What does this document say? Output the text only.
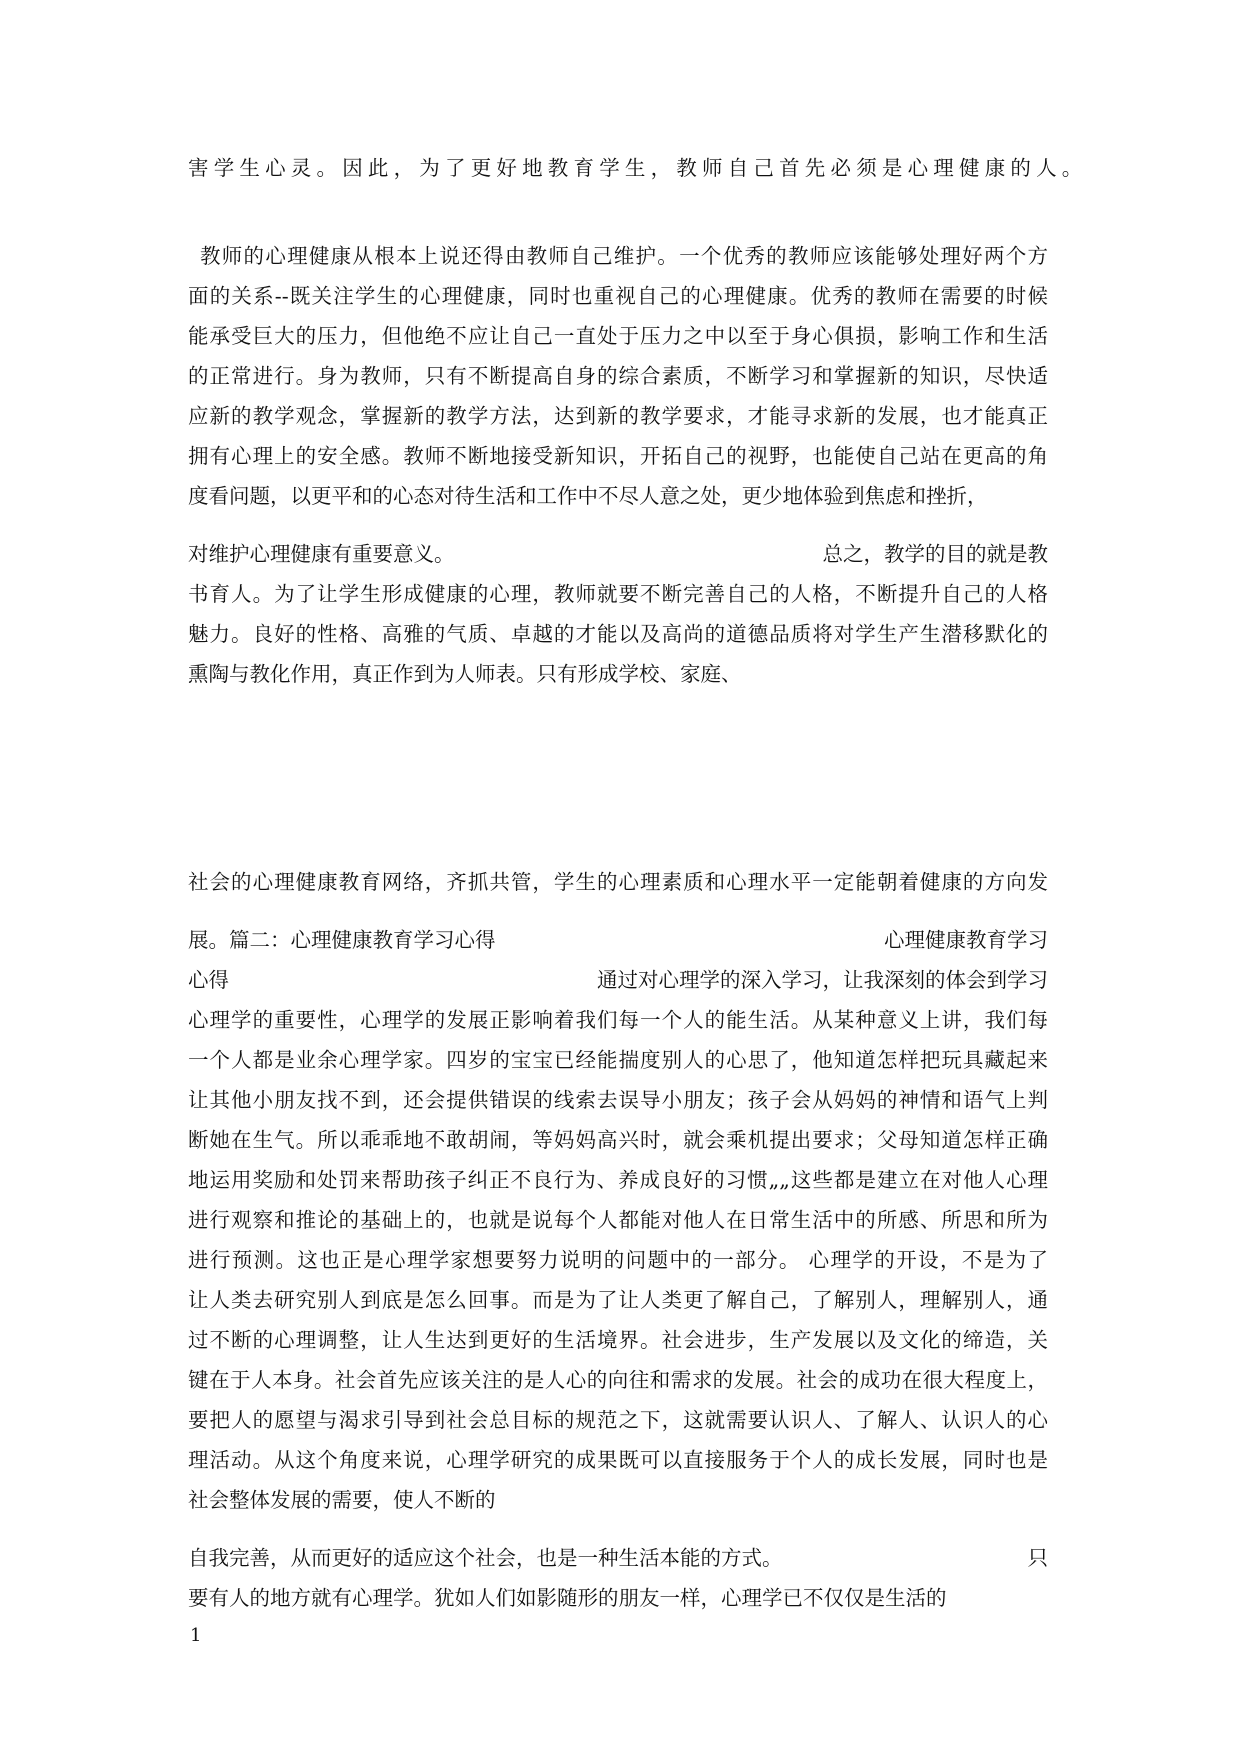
害学生心灵。因此，为了更好地教育学生，教师自己首先必须是心理健康的人。
教师的心理健康从根本上说还得由教师自己维护。一个优秀的教师应该能够处理好两个方
面的关系--既关注学生的心理健康，同时也重视自己的心理健康。优秀的教师在需要的时候
能承受巨大的压力，但他绝不应让自己一直处于压力之中以至于身心俱损，影响工作和生活
的正常进行。身为教师，只有不断提高自身的综合素质，不断学习和掌握新的知识，尽快适
应新的教学观念，掌握新的教学方法，达到新的教学要求，才能寻求新的发展，也才能真正
拥有心理上的安全感。教师不断地接受新知识，开拓自己的视野，也能使自己站在更高的角
度看问题，以更平和的心态对待生活和工作中不尽人意之处，更少地体验到焦虑和挫折，
对维护心理健康有重要意义。	总之，教学的目的就是教
书育人。为了让学生形成健康的心理，教师就要不断完善自己的人格，不断提升自己的人格
魅力。良好的性格、高雅的气质、卓越的才能以及高尚的道德品质将对学生产生潜移默化的
熏陶与教化作用，真正作到为人师表。只有形成学校、家庭、
社会的心理健康教育网络，齐抓共管，学生的心理素质和心理水平一定能朝着健康的方向发
展。篇二：心理健康教育学习心得	心理健康教育学习
心得	通过对心理学的深入学习，让我深刻的体会到学习
心理学的重要性，心理学的发展正影响着我们每一个人的能生活。从某种意义上讲，我们每
一个人都是业余心理学家。四岁的宝宝已经能揣度别人的心思了，他知道怎样把玩具藏起来
让其他小朋友找不到，还会提供错误的线索去误导小朋友；孩子会从妈妈的神情和语气上判
断她在生气。所以乖乖地不敢胡闹，等妈妈高兴时，就会乘机提出要求；父母知道怎样正确
地运用奖励和处罚来帮助孩子纠正不良行为、养成良好的习惯„„这些都是建立在对他人心理
进行观察和推论的基础上的，也就是说每个人都能对他人在日常生活中的所感、所思和所为
进行预测。这也正是心理学家想要努力说明的问题中的一部分。 心理学的开设，不是为了
让人类去研究别人到底是怎么回事。而是为了让人类更了解自己，了解别人，理解别人，通
过不断的心理调整，让人生达到更好的生活境界。社会进步，生产发展以及文化的缔造，关
键在于人本身。社会首先应该关注的是人心的向往和需求的发展。社会的成功在很大程度上，
要把人的愿望与渴求引导到社会总目标的规范之下，这就需要认识人、了解人、认识人的心
理活动。从这个角度来说，心理学研究的成果既可以直接服务于个人的成长发展，同时也是
社会整体发展的需要，使人不断的
自我完善，从而更好的适应这个社会，也是一种生活本能的方式。	只
要有人的地方就有心理学。犹如人们如影随形的朋友一样，心理学已不仅仅是生活的
1
